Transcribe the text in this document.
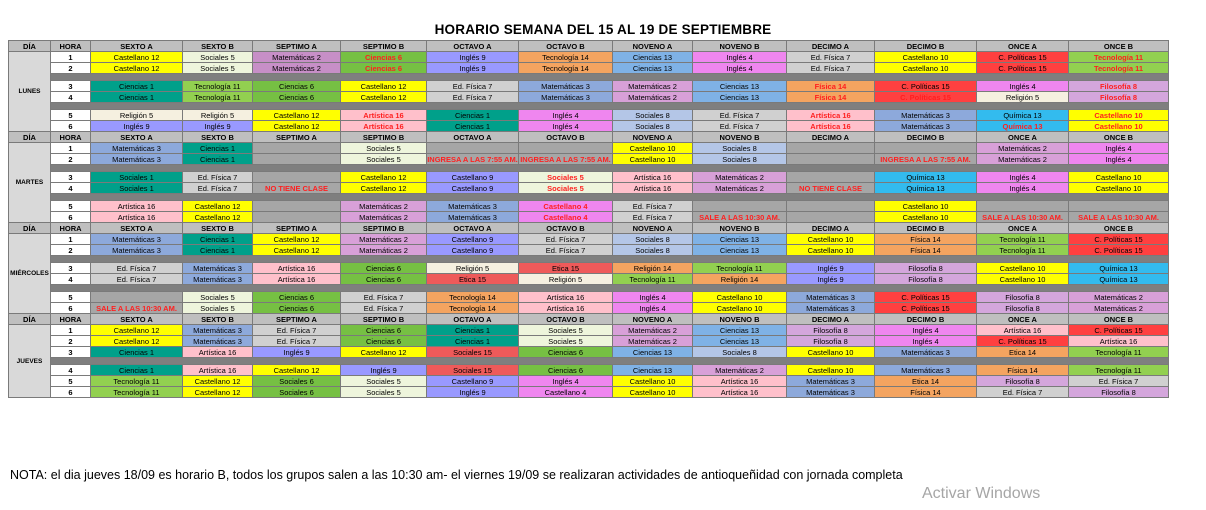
HORARIO SEMANA DEL 15 AL 19 DE SEPTIEMBRE
DÍA	HORA	SEXTO A	SEXTO B	SEPTIMO A	SEPTIMO B	OCTAVO A	OCTAVO B	NOVENO A	NOVENO B	DECIMO A	DECIMO B	ONCE A	ONCE B
LUNES	1	Castellano 12	Sociales 5	Matemáticas 2	Ciencias 6	Inglés 9	Tecnología 14	Ciencias 13	Inglés 4	Ed. Física 7	Castellano 10	C. Políticas 15	Tecnología 11
	2	Castellano 12	Sociales 5	Matemáticas 2	Ciencias 6	Inglés 9	Tecnología 14	Ciencias 13	Inglés 4	Ed. Física 7	Castellano 10	C. Políticas 15	Tecnología 11

	3	Ciencias 1	Tecnología 11	Ciencias 6	Castellano 12	Ed. Física 7	Matemáticas 3	Matemáticas 2	Ciencias 13	Física 14	C. Políticas 15	Inglés 4	Filosofía 8
	4	Ciencias 1	Tecnología 11	Ciencias 6	Castellano 12	Ed. Física 7	Matemáticas 3	Matemáticas 2	Ciencias 13	Física 14	C. Políticas 15	Religión 5	Filosofía 8

	5	Religión 5	Religión 5	Castellano 12	Artística 16	Ciencias 1	Inglés 4	Sociales 8	Ed. Física 7	Artística 16	Matemáticas 3	Química 13	Castellano 10
	6	Inglés 9	Inglés 9	Castellano 12	Artística 16	Ciencias 1	Inglés 4	Sociales 8	Ed. Física 7	Artística 16	Matemáticas 3	Química 13	Castellano 10
DÍA	HORA	SEXTO A	SEXTO B	SEPTIMO A	SEPTIMO B	OCTAVO A	OCTAVO B	NOVENO A	NOVENO B	DECIMO A	DECIMO B	ONCE A	ONCE B
MARTES	1	Matemáticas 3	Ciencias 1		Sociales 5			Castellano 10	Sociales 8			Matemáticas 2	Inglés 4
	2	Matemáticas 3	Ciencias 1		Sociales 5	INGRESA A LAS 7:55 AM.	INGRESA A LAS 7:55 AM.	Castellano 10	Sociales 8		INGRESA A LAS 7:55 AM.	Matemáticas 2	Inglés 4

	3	Sociales 1	Ed. Física 7		Castellano 12	Castellano 9	Sociales 5	Artística 16	Matemáticas 2		Química 13	Inglés 4	Castellano 10
	4	Sociales 1	Ed. Física 7	NO TIENE CLASE	Castellano 12	Castellano 9	Sociales 5	Artística 16	Matemáticas 2	NO TIENE CLASE	Química 13	Inglés 4	Castellano 10

	5	Artística 16	Castellano 12		Matemáticas 2	Matemáticas 3	Castellano 4	Ed. Física 7			Castellano 10		
	6	Artística 16	Castellano 12		Matemáticas 2	Matemáticas 3	Castellano 4	Ed. Física 7	SALE A LAS 10:30 AM.		Castellano 10	SALE A LAS 10:30 AM.	SALE A LAS 10:30 AM.
DÍA	HORA	SEXTO A	SEXTO B	SEPTIMO A	SEPTIMO B	OCTAVO A	OCTAVO B	NOVENO A	NOVENO B	DECIMO A	DECIMO B	ONCE A	ONCE B
MIÉRCOLES	1	Matemáticas 3	Ciencias 1	Castellano 12	Matemáticas 2	Castellano 9	Ed. Física 7	Sociales 8	Ciencias 13	Castellano 10	Física 14	Tecnología 11	C. Políticas 15
	2	Matemáticas 3	Ciencias 1	Castellano 12	Matemáticas 2	Castellano 9	Ed. Física 7	Sociales 8	Ciencias 13	Castellano 10	Física 14	Tecnología 11	C. Políticas 15

	3	Ed. Física 7	Matemáticas 3	Artística 16	Ciencias 6	Religión 5	Etica 15	Religión 14	Tecnología 11	Inglés 9	Filosofía 8	Castellano 10	Química 13
	4	Ed. Física 7	Matemáticas 3	Artística 16	Ciencias 6	Etica 15	Religión 5	Tecnología 11	Religión 14	Inglés 9	Filosofía 8	Castellano 10	Química 13

	5		Sociales 5	Ciencias 6	Ed. Física 7	Tecnología 14	Artística 16	Inglés 4	Castellano 10	Matemáticas 3	C. Políticas 15	Filosofía 8	Matemáticas 2
	6	SALE A LAS 10:30 AM.	Sociales 5	Ciencias 6	Ed. Física 7	Tecnología 14	Artística 16	Inglés 4	Castellano 10	Matemáticas 3	C. Políticas 15	Filosofía 8	Matemáticas 2
DÍA	HORA	SEXTO A	SEXTO B	SEPTIMO A	SEPTIMO B	OCTAVO A	OCTAVO B	NOVENO A	NOVENO B	DECIMO A	DECIMO B	ONCE A	ONCE B
JUEVES	1	Castellano 12	Matemáticas 3	Ed. Física 7	Ciencias 6	Ciencias 1	Sociales 5	Matemáticas 2	Ciencias 13	Filosofía 8	Inglés 4	Artística 16	C. Políticas 15
	2	Castellano 12	Matemáticas 3	Ed. Física 7	Ciencias 6	Ciencias 1	Sociales 5	Matemáticas 2	Ciencias 13	Filosofía 8	Inglés 4	C. Políticas 15	Artística 16
	3	Ciencias 1	Artística 16	Inglés 9	Castellano 12	Sociales 15	Ciencias 6	Ciencias 13	Sociales 8	Castellano 10	Matemáticas 3	Etica 14	Tecnología 11

	4	Ciencias 1	Artística 16	Castellano 12	Inglés 9	Sociales 15	Ciencias 6	Ciencias 13	Matemáticas 2	Castellano 10	Matemáticas 3	Física 14	Tecnología 11
	5	Tecnología 11	Castellano 12	Sociales 6	Sociales 5	Castellano 9	Inglés 4	Castellano 10	Artística 16	Matemáticas 3	Etica 14	Filosofía 8	Ed. Física 7
	6	Tecnología 11	Castellano 12	Sociales 6	Sociales 5	Inglés 9	Castellano 4	Castellano 10	Artística 16	Matemáticas 3	Física 14	Ed. Física 7	Filosofía 8
NOTA: el dia jueves 18/09 es horario B, todos los grupos salen a las 10:30 am- el viernes 19/09 se realizaran actividades de antioqueñidad con jornada completa
Activar Windows
